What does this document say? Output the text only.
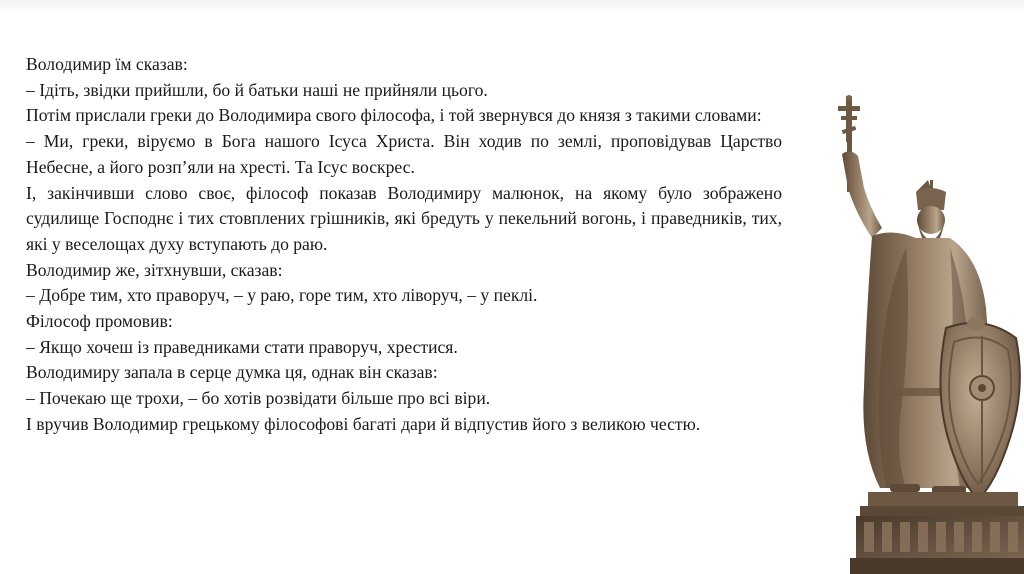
Володимир їм сказав:

– Ідіть, звідки прийшли, бо й батьки наші не прийняли цього.

Потім прислали греки до Володимира свого філософа, і той звернувся до князя з такими словами:

– Ми, греки, віруємо в Бога нашого Ісуса Христа. Він ходив по землі, проповідував Царство Небесне, а його розп’яли на хресті. Та Ісус воскрес.

І, закінчивши слово своє, філософ показав Володимиру малюнок, на якому було зображено судилище Господнє і тих стовплених грішників, які бредуть у пекельний вогонь, і праведників, тих, які у веселощах духу вступають до раю.

Володимир же, зітхнувши, сказав:

– Добре тим, хто праворуч, – у раю, горе тим, хто ліворуч, – у пеклі.

Філософ промовив:

– Якщо хочеш із праведниками стати праворуч, хрестися.

Володимиру запала в серце думка ця, однак він сказав:

– Почекаю ще трохи, – бо хотів розвідати більше про всі віри.

І вручив Володимир грецькому філософові багаті дари й відпустив його з великою честю.
